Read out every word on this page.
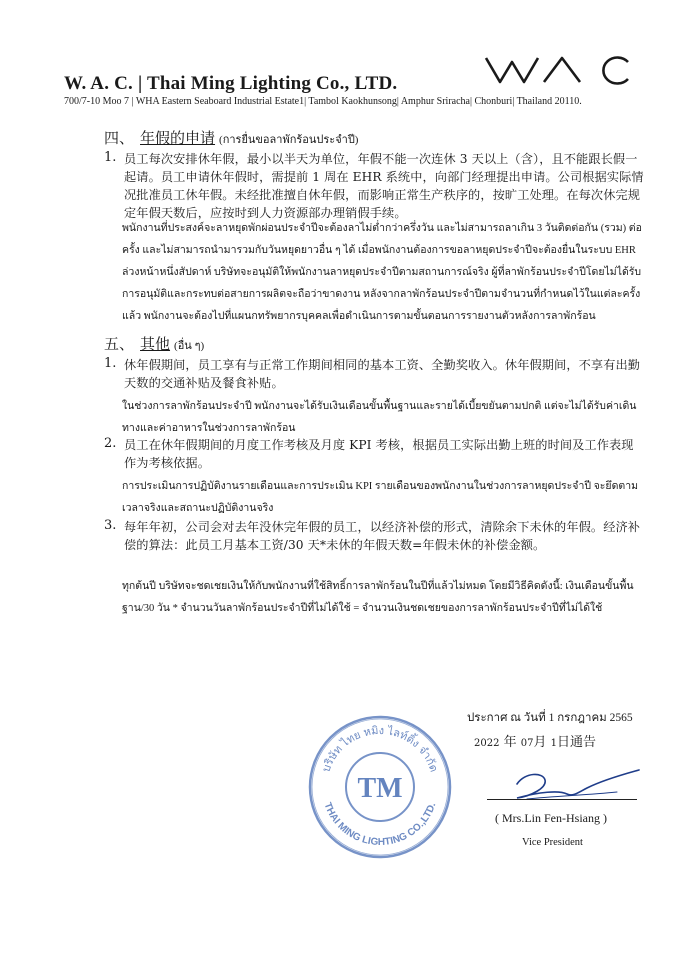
W. A. C. | Thai Ming Lighting Co., LTD.
700/7-10 Moo 7 | WHA Eastern Seaboard Industrial Estate1| Tambol Kaokhunsong| Amphur Sriracha| Chonburi| Thailand 20110.
四、 年假的申请 (การยื่นขอลาพักร้อนประจำปี)
1. 员工每次安排休年假，最小以半天为单位，年假不能一次连休 3 天以上（含），且不能跟长假一起请。员工申请休年假时，需提前 1 周在 EHR 系统中，向部门经理提出申请。公司根据实际情况批准员工休年假。未经批准擅自休年假，而影响正常生产秩序的，按旷工处理。在每次休完规定年假天数后，应按时到人力资源部办理销假手续。
พนักงานที่ประสงค์จะลาหยุดพักผ่อนประจำปีจะต้องลาไม่ต่ำกว่าครึ่งวัน และไม่สามารถลาเกิน 3 วันติดต่อกัน (รวม) ต่อครั้ง และไม่สามารถนำมารวมกับวันหยุดยาวอื่น ๆ ได้ เมื่อพนักงานต้องการขอลาหยุดประจำปีจะต้องยื่นในระบบ EHR ล่วงหน้าหนึ่งสัปดาห์ บริษัทจะอนุมัติให้พนักงานลาหยุดประจำปีตามสถานการณ์จริง ผู้ที่ลาพักร้อนประจำปีโดยไม่ได้รับการอนุมัติและกระทบต่อสายการผลิตจะถือว่าขาดงาน หลังจากลาพักร้อนประจำปีตามจำนวนที่กำหนดไว้ในแต่ละครั้ง แล้ว พนักงานจะต้องไปที่แผนกทรัพยากรบุคคลเพื่อดำเนินการตามขั้นตอนการรายงานตัวหลังการลาพักร้อน
五、 其他 (อื่น ๆ)
1. 休年假期间，员工享有与正常工作期间相同的基本工资、全勤奖收入。休年假期间，不享有出勤天数的交通补贴及餐食补贴。
ในช่วงการลาพักร้อนประจำปี พนักงานจะได้รับเงินเดือนขั้นพื้นฐานและรายได้เบี้ยขยันตามปกติ แต่จะไม่ได้รับค่าเดินทางและค่าอาหารในช่วงการลาพักร้อน
2. 员工在休年假期间的月度工作考核及月度 KPI 考核，根据员工实际出勤上班的时间及工作表现作为考核依据。
การประเมินการปฏิบัติงานรายเดือนและการประเมิน KPI รายเดือนของพนักงานในช่วงการลาหยุดประจำปี จะยึดตามเวลาจริงและสถานะปฏิบัติงานจริง
3. 每年年初，公司会对去年没休完年假的员工，以经济补偿的形式，清除余下未休的年假。经济补偿的算法：此员工月基本工资/30 天*未休的年假天数=年假未休的补偿金额。
ทุกต้นปี บริษัทจะชดเชยเงินให้กับพนักงานที่ใช้สิทธิ์การลาพักร้อนในปีที่แล้วไม่หมด โดยมีวิธีคิดดังนี้: เงินเดือนขั้นพื้นฐาน/30 วัน * จำนวนวันลาพักร้อนประจำปีที่ไม่ได้ใช้ = จำนวนเงินชดเชยของการลาพักร้อนประจำปีที่ไม่ได้ใช้
บริษัท ไทย หมิง ไลท์ติ้ง จำกัด
THAI MING LIGHTING CO.,LTD.
TM
ประกาศ ณ วันที่ 1 กรกฎาคม 2565
2022 年 07月 1日通告
( Mrs.Lin Fen-Hsiang )
Vice President
